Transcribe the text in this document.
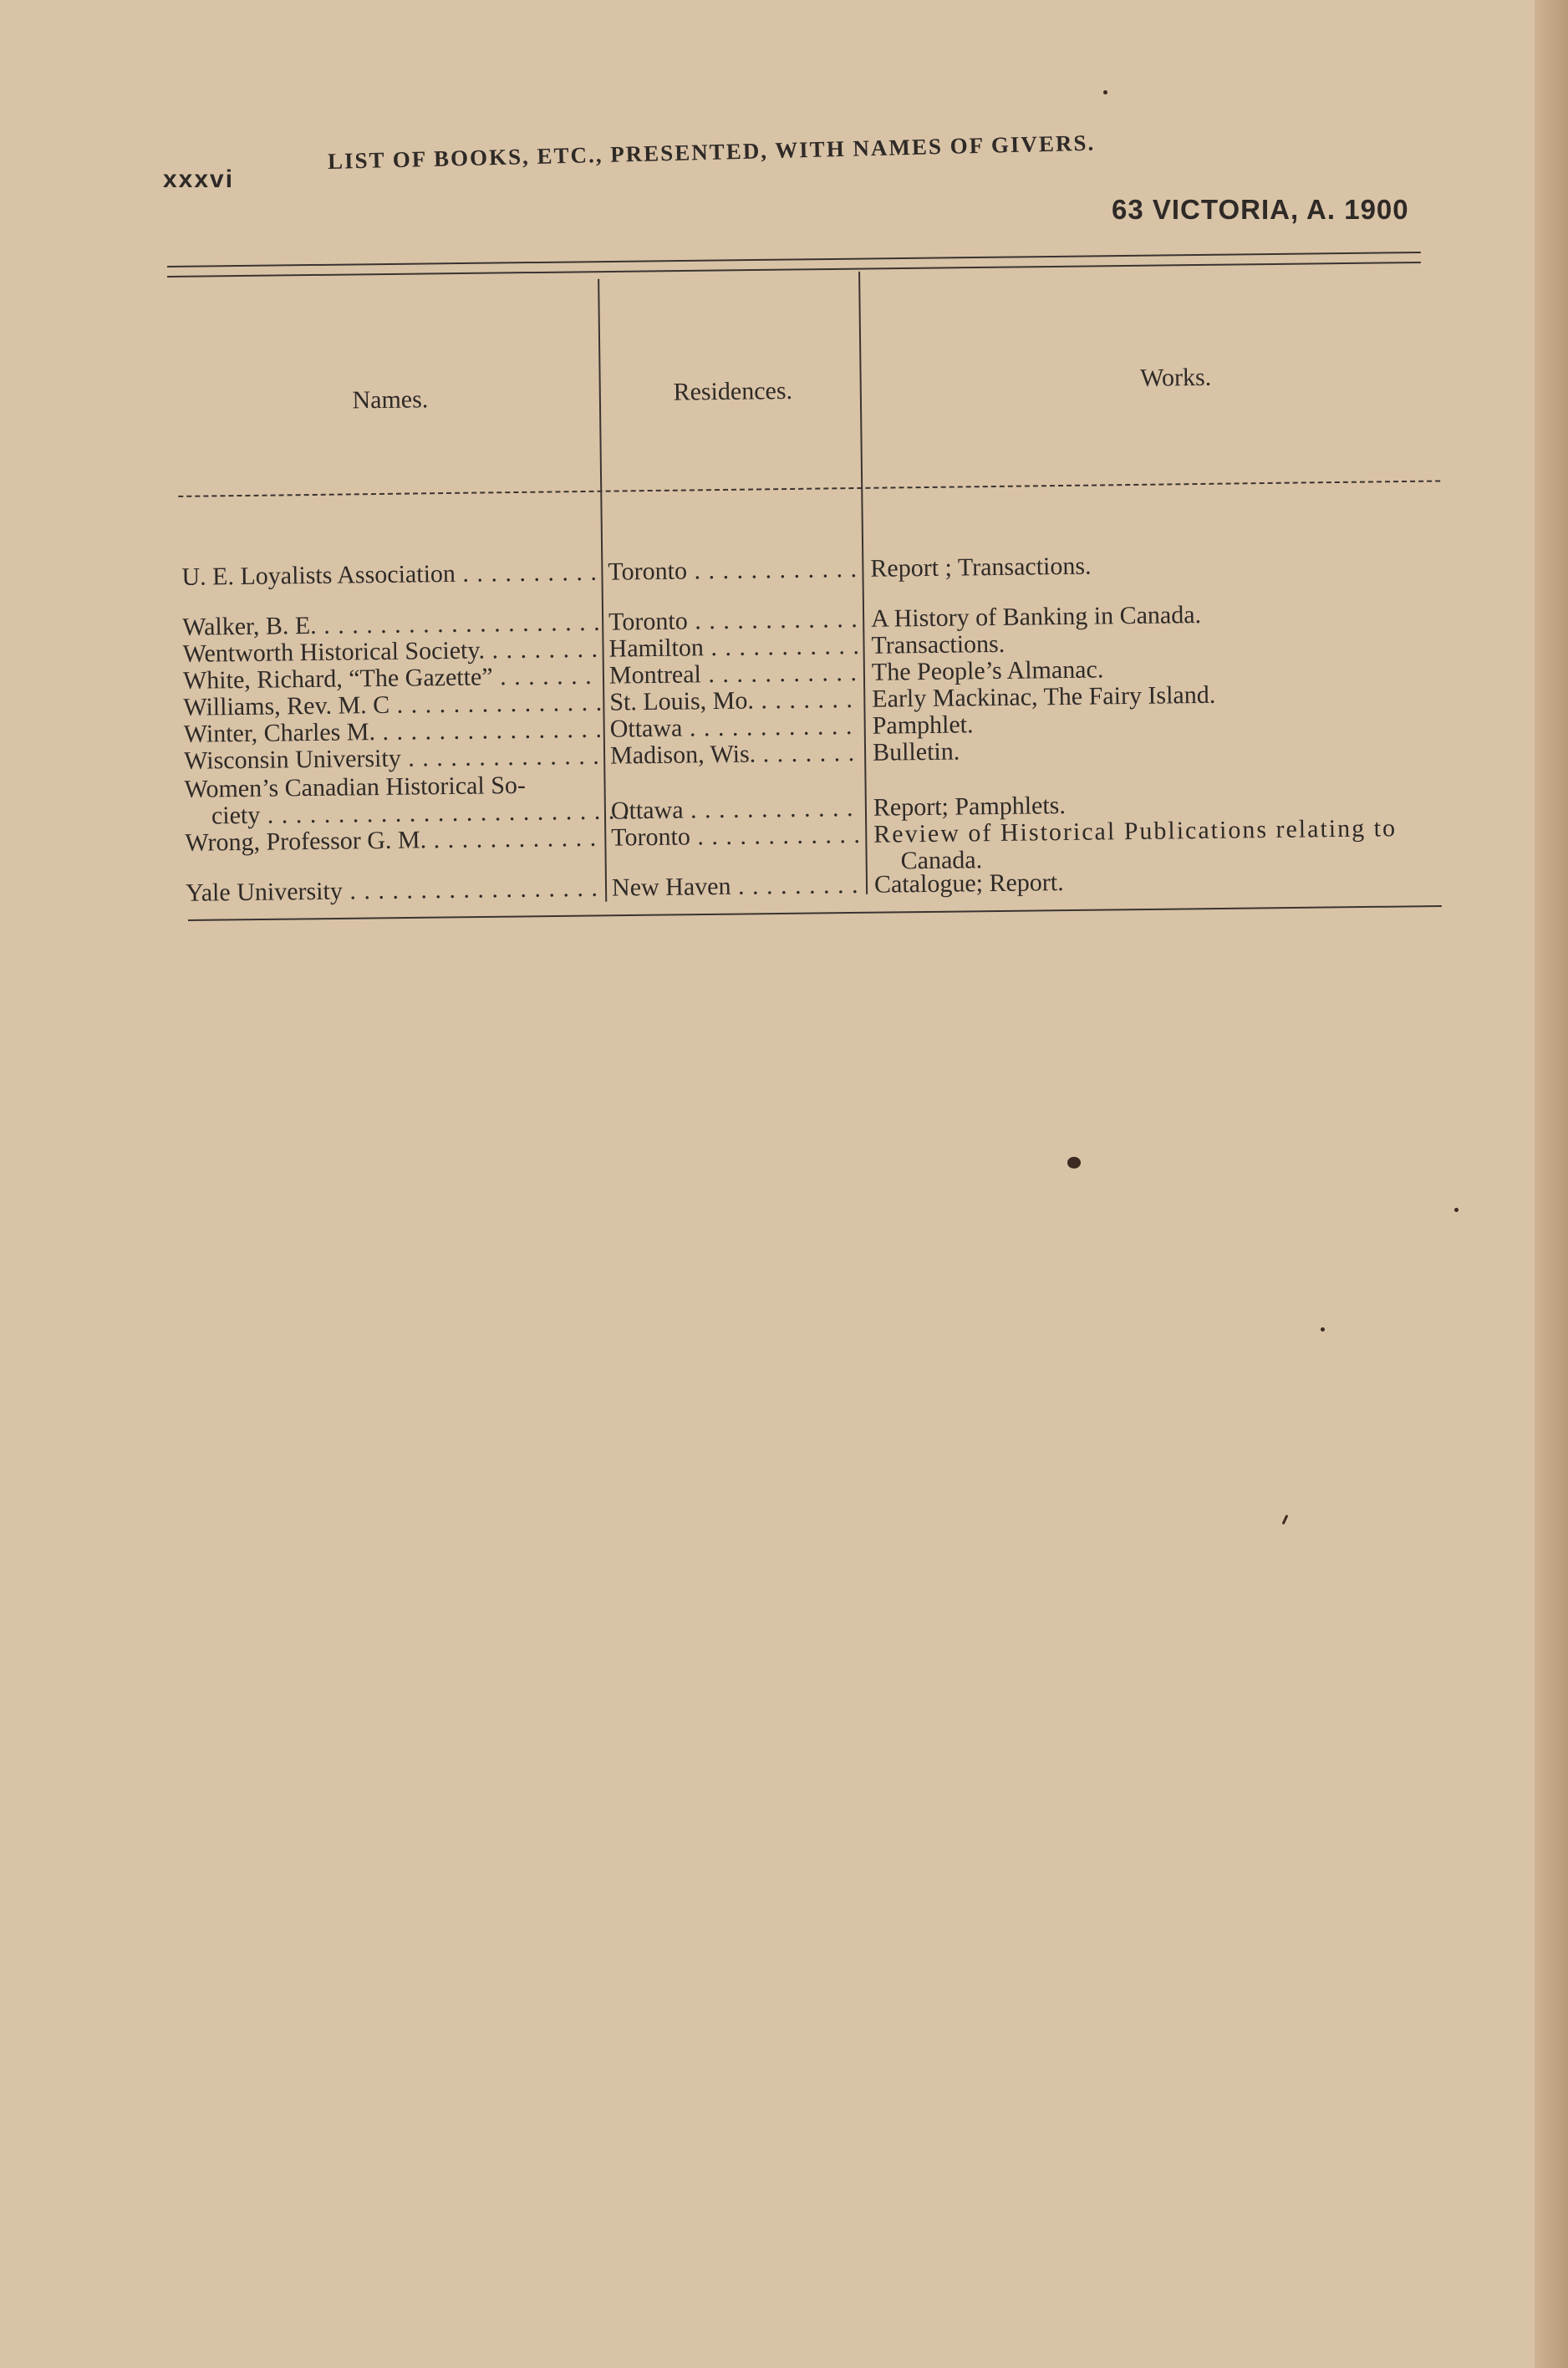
xxxvi
LIST OF BOOKS, ETC., PRESENTED, WITH NAMES OF GIVERS.
63 VICTORIA, A. 1900
Names.	Residences.	Works.
U. E. Loyalists Association . . .	Toronto . . .	Report ; Transactions.
Walker, B. E. . . .	Toronto . . .	A History of Banking in Canada.
Wentworth Historical Society. . . .	Hamilton . . .	Transactions.
White, Richard, “The Gazette” . . .	Montreal . . .	The People’s Almanac.
Williams, Rev. M. C . . .	St. Louis, Mo. . . .	Early Mackinac, The Fairy Island.
Winter, Charles M. . . .	Ottawa . . .	Pamphlet.
Wisconsin University . . .	Madison, Wis. . . .	Bulletin.
Women’s Canadian Historical So-
ciety . . .	Ottawa . . .	Report; Pamphlets.
Wrong, Professor G. M. . . .	Toronto . . .	Review of Historical Publications relating to
Canada.
Yale University . . .	New Haven . . .	Catalogue; Report.
